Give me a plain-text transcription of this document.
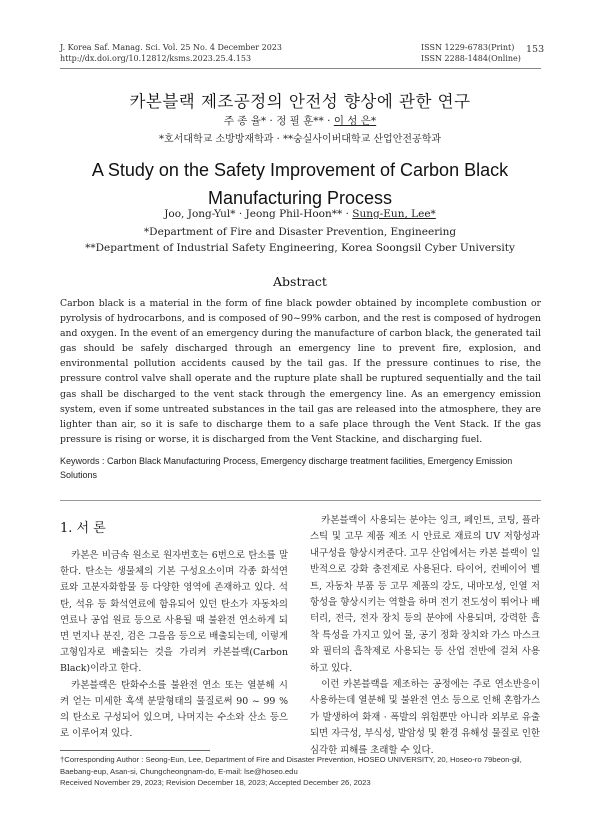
J. Korea Saf. Manag. Sci. Vol. 25 No. 4 December 2023
http://dx.doi.org/10.12812/ksms.2023.25.4.153
ISSN 1229-6783(Print)
ISSN 2288-1484(Online)
153
카본블랙 제조공정의 안전성 향상에 관한 연구
주 종 율* · 정 필 훈** · 이 성 은*
*호서대학교 소방방재학과 · **숭실사이버대학교 산업안전공학과
A Study on the Safety Improvement of Carbon Black Manufacturing Process
Joo, Jong-Yul* · Jeong Phil-Hoon** · Sung-Eun, Lee*
*Department of Fire and Disaster Prevention, Engineering
**Department of Industrial Safety Engineering, Korea Soongsil Cyber University
Abstract
Carbon black is a material in the form of fine black powder obtained by incomplete combustion or pyrolysis of hydrocarbons, and is composed of 90~99% carbon, and the rest is composed of hydrogen and oxygen. In the event of an emergency during the manufacture of carbon black, the generated tail gas should be safely discharged through an emergency line to prevent fire, explosion, and environmental pollution accidents caused by the tail gas. If the pressure continues to rise, the pressure control valve shall operate and the rupture plate shall be ruptured sequentially and the tail gas shall be discharged to the vent stack through the emergency line. As an emergency emission system, even if some untreated substances in the tail gas are released into the atmosphere, they are lighter than air, so it is safe to discharge them to a safe place through the Vent Stack. If the gas pressure is rising or worse, it is discharged from the Vent Stackine, and discharging fuel.
Keywords : Carbon Black Manufacturing Process, Emergency discharge treatment facilities, Emergency Emission Solutions
1. 서 론

카본은 비금속 원소로 원자번호는 6번으로 탄소를 말한다. 탄소는 생물체의 기본 구성요소이며 각종 화석연료와 고분자화합물 등 다양한 영역에 존재하고 있다. 석탄, 석유 등 화석연료에 함유되어 있던 탄소가 자동차의 연료나 공업 원료 등으로 사용될 때 불완전 연소하게 되면 먼지나 분진, 검은 그을음 등으로 배출되는데, 이렇게 고형입자로 배출되는 것을 가리켜 카본블랙(Carbon Black)이라고 한다.

카본블랙은 탄화수소를 불완전 연소 또는 열분해 시켜 얻는 미세한 흑색 분말형태의 물질로써 90 ~ 99 %의 탄소로 구성되어 있으며, 나머지는 수소와 산소 등으로 이루어져 있다.

카본블랙이 사용되는 분야는 잉크, 페인트, 코팅, 플라스틱 및 고무 제품 제조 시 안료로 재료의 UV 저항성과 내구성을 향상시켜준다. 고무 산업에서는 카본 블랙이 일반적으로 강화 충전제로 사용된다. 타이어, 컨베이어 벨트, 자동차 부품 등 고무 제품의 강도, 내마모성, 인열 저항성을 향상시키는 역할을 하며 전기 전도성이 뛰어나 배터리, 전극, 전자 장치 등의 분야에 사용되며, 강력한 흡착 특성을 가지고 있어 물, 공기 정화 장치와 가스 마스크와 필터의 흡착제로 사용되는 등 산업 전반에 걸쳐 사용하고 있다.

이런 카본블랙을 제조하는 공정에는 주로 연소반응이 사용하는데 열분해 및 불완전 연소 등으로 인해 혼합가스가 발생하여 화재 · 폭발의 위험뿐만 아니라 외부로 유출되면 자극성, 부식성, 발암성 및 환경 유해성 물질로 인한 심각한 피해를 초래할 수 있다.

†Corresponding Author : Seong-Eun, Lee, Department of Fire and Disaster Prevention, HOSEO UNIVERSITY, 20, Hoseo-ro 79beon-gil, Baebang-eup, Asan-si, Chungcheongnam-do, E-mail: lse@hoseo.edu
Received November 29, 2023; Revision December 18, 2023; Accepted December 26, 2023
